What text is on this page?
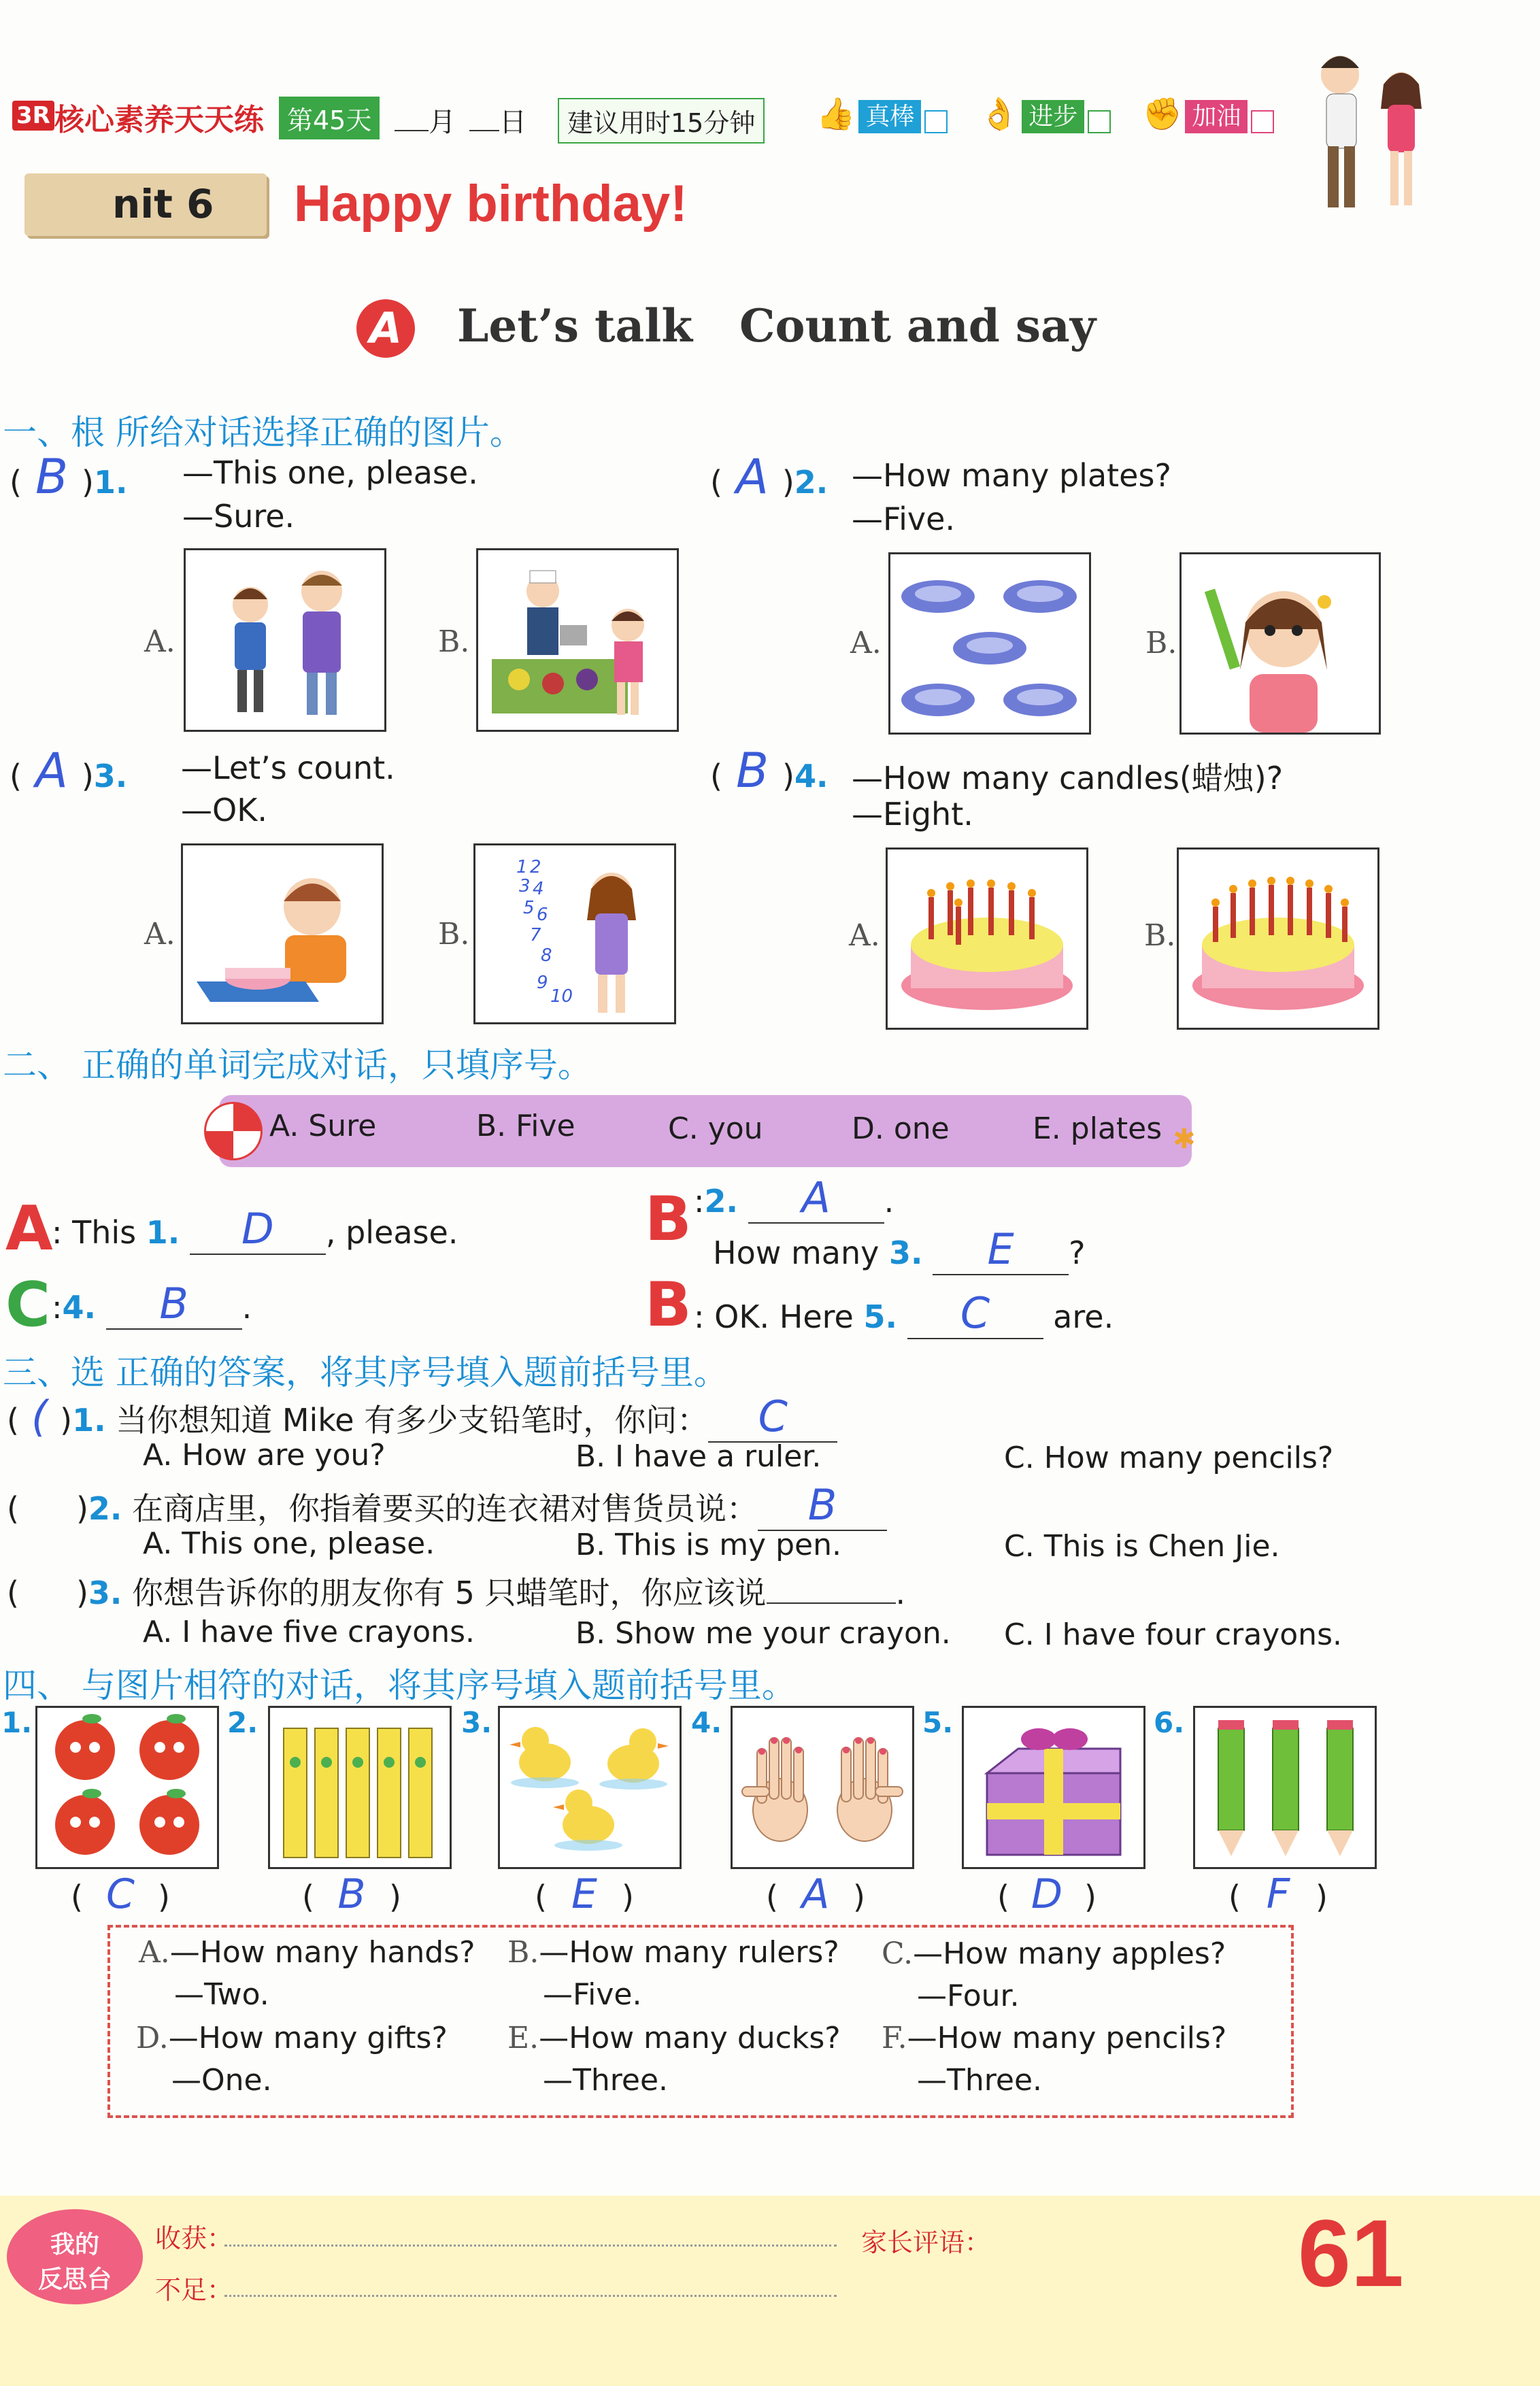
3R 核心素养天天练 第45天	月	日	建议用时15分钟	👍 真棒	👌 进步	✊ 加油
nit 6 Happy birthday!
A Let’s talk   Count and say
一、根 所给对话选择正确的图片。
( B )1. —This one, please.
—Sure.
A.	B.
( A )2. —How many plates?
—Five.
A.	B.
( A )3. —Let’s count.
—OK.
A.	B.
1 2
3 4
5 6
7
8
9
10
( B )4. —How many candles(蜡烛)?
—Eight.
A.	B.
二、 正确的单词完成对话，只填序号。
A. Sure	B. Five	C. you	D. one	E. plates ✱
A
: This 1. D , please.	B :2. A .
How many 3. E ?
C :4. B .	B : OK. Here 5. C are.
三、选 正确的答案，将其序号填入题前括号里。
( ( )1. 当你想知道 Mike 有多少支铅笔时，你问： C
A. How are you?	B. I have a ruler.	C. How many pencils?
( )2. 在商店里，你指着要买的连衣裙对售货员说： B
A. This one, please.	B. This is my pen.	C. This is Chen Jie.
( )3. 你想告诉你的朋友你有 5 只蜡笔时，你应该说	.
A. I have five crayons.	B. Show me your crayon. C. I have four crayons.
四、 与图片相符的对话，将其序号填入题前括号里。
1.	2.	3.	4.	5.	6.
( C )	( B )	( E )	( A )	( D )	( F )
A.—How many hands?
—Two.
B.—How many rulers?
—Five.
C.—How many apples?
—Four.
D.—How many gifts?
—One.
E.—How many ducks?
—Three.
F.—How many pencils?
—Three.
我的
反思台
收获：
不足：
家长评语：	61
